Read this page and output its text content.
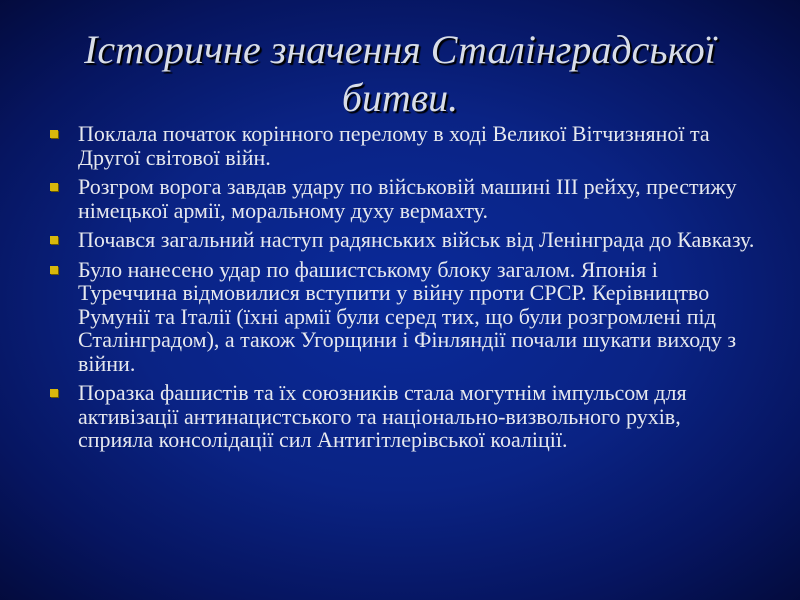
Історичне значення Сталінградської битви.
Поклала початок корінного перелому в ході Великої Вітчизняної та Другої світової війн.
Розгром ворога завдав удару по військовій машині ІІІ рейху, престижу німецької армії, моральному духу вермахту.
Почався загальний наступ радянських військ від Ленінграда до Кавказу.
Було нанесено удар по фашистському блоку загалом. Японія і Туреччина відмовилися вступити у війну проти СРСР. Керівництво Румунії та Італії (їхні армії були серед тих, що були розгромлені під Сталінградом), а також Угорщини і Фінляндії почали шукати виходу з війни.
Поразка фашистів та їх союзників стала могутнім імпульсом для активізації антинацистського та національно-визвольного рухів, сприяла консолідації сил Антигітлерівської коаліції.
